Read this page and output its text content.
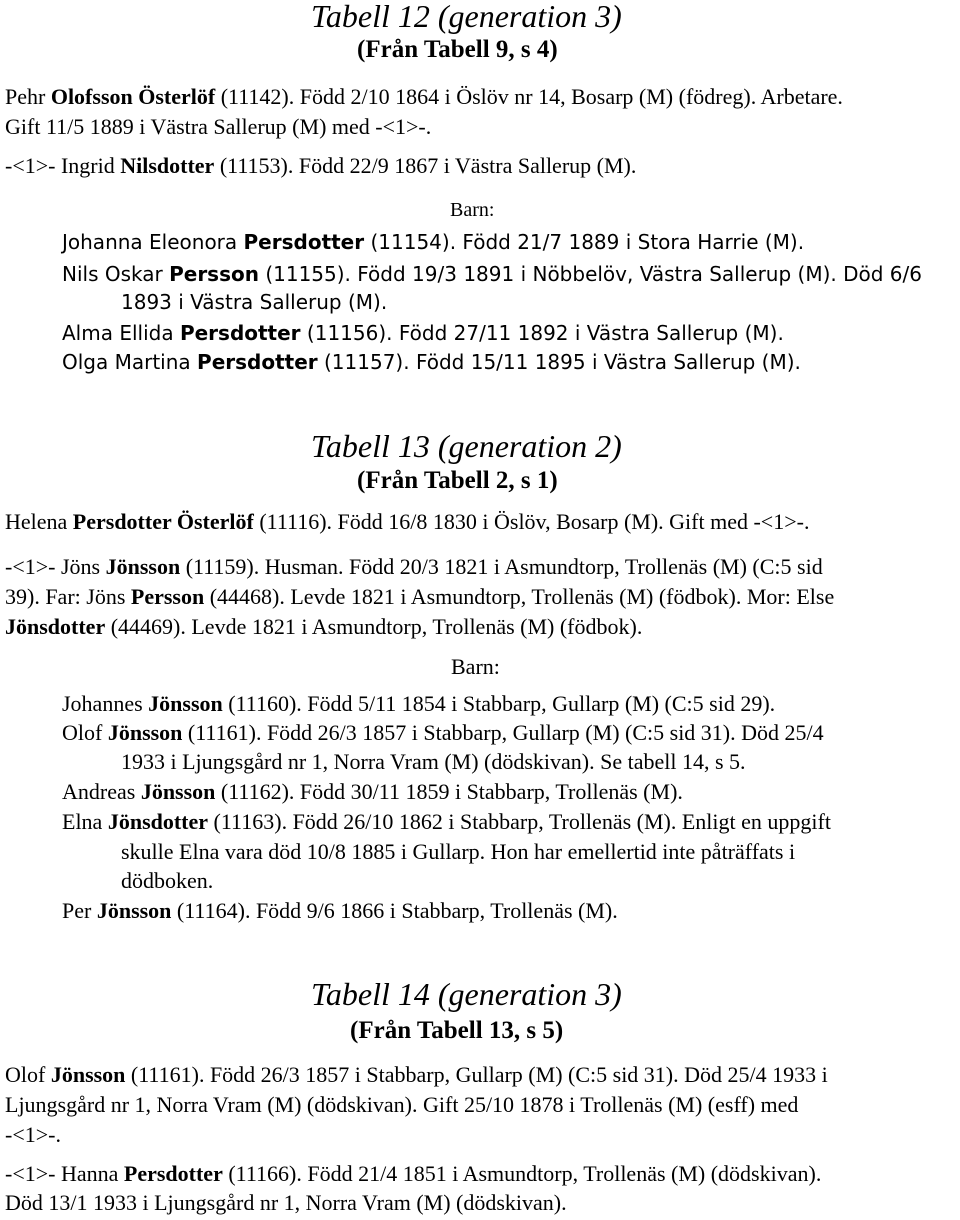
Tabell 12 (generation 3)
(Från Tabell 9, s 4)
Pehr Olofsson Österlöf (11142). Född 2/10 1864 i Öslöv nr 14, Bosarp (M) (födreg). Arbetare.
Gift 11/5 1889 i Västra Sallerup (M) med -<1>-.
-<1>- Ingrid Nilsdotter (11153). Född 22/9 1867 i Västra Sallerup (M).
Barn:
Johanna Eleonora Persdotter (11154). Född 21/7 1889 i Stora Harrie (M).
Nils Oskar Persson (11155). Född 19/3 1891 i Nöbbelöv, Västra Sallerup (M). Död 6/6
1893 i Västra Sallerup (M).
Alma Ellida Persdotter (11156). Född 27/11 1892 i Västra Sallerup (M).
Olga Martina Persdotter (11157). Född 15/11 1895 i Västra Sallerup (M).
Tabell 13 (generation 2)
(Från Tabell 2, s 1)
Helena Persdotter Österlöf (11116). Född 16/8 1830 i Öslöv, Bosarp (M). Gift med -<1>-.
-<1>- Jöns Jönsson (11159). Husman. Född 20/3 1821 i Asmundtorp, Trollenäs (M) (C:5 sid
39). Far: Jöns Persson (44468). Levde 1821 i Asmundtorp, Trollenäs (M) (födbok). Mor: Else
Jönsdotter (44469). Levde 1821 i Asmundtorp, Trollenäs (M) (födbok).
Barn:
Johannes Jönsson (11160). Född 5/11 1854 i Stabbarp, Gullarp (M) (C:5 sid 29).
Olof Jönsson (11161). Född 26/3 1857 i Stabbarp, Gullarp (M) (C:5 sid 31). Död 25/4
1933 i Ljungsgård nr 1, Norra Vram (M) (dödskivan). Se tabell 14, s 5.
Andreas Jönsson (11162). Född 30/11 1859 i Stabbarp, Trollenäs (M).
Elna Jönsdotter (11163). Född 26/10 1862 i Stabbarp, Trollenäs (M). Enligt en uppgift
skulle Elna vara död 10/8 1885 i Gullarp. Hon har emellertid inte påträffats i
dödboken.
Per Jönsson (11164). Född 9/6 1866 i Stabbarp, Trollenäs (M).
Tabell 14 (generation 3)
(Från Tabell 13, s 5)
Olof Jönsson (11161). Född 26/3 1857 i Stabbarp, Gullarp (M) (C:5 sid 31). Död 25/4 1933 i
Ljungsgård nr 1, Norra Vram (M) (dödskivan). Gift 25/10 1878 i Trollenäs (M) (esff) med
-<1>-.
-<1>- Hanna Persdotter (11166). Född 21/4 1851 i Asmundtorp, Trollenäs (M) (dödskivan).
Död 13/1 1933 i Ljungsgård nr 1, Norra Vram (M) (dödskivan).
